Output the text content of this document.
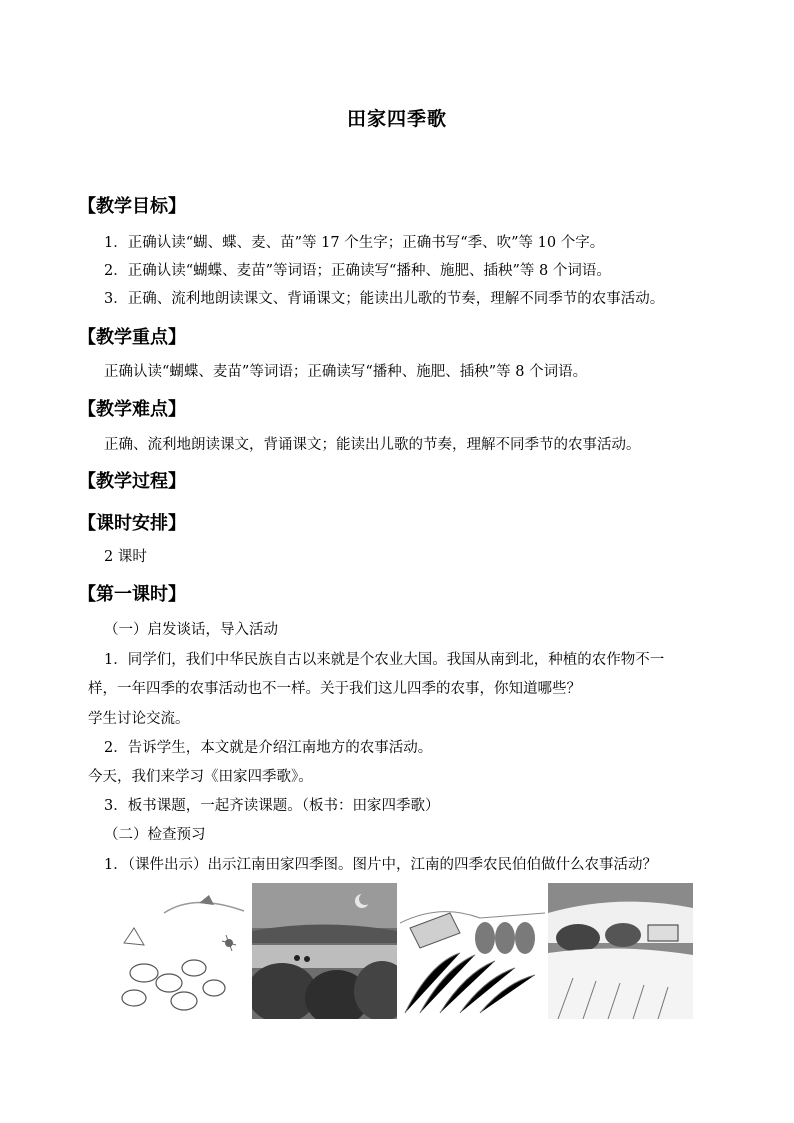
田家四季歌
【教学目标】
1．正确认读“蝴、蝶、麦、苗”等 17 个生字；正确书写“季、吹”等 10 个字。
2．正确认读“蝴蝶、麦苗”等词语；正确读写“播种、施肥、插秧”等 8 个词语。
3．正确、流利地朗读课文、背诵课文；能读出儿歌的节奏，理解不同季节的农事活动。
【教学重点】
正确认读“蝴蝶、麦苗”等词语；正确读写“播种、施肥、插秧”等 8 个词语。
【教学难点】
正确、流利地朗读课文，背诵课文；能读出儿歌的节奏，理解不同季节的农事活动。
【教学过程】
【课时安排】
2 课时
【第一课时】
（一）启发谈话，导入活动
1．同学们，我们中华民族自古以来就是个农业大国。我国从南到北，种植的农作物不一
样，一年四季的农事活动也不一样。关于我们这儿四季的农事，你知道哪些？
学生讨论交流。
2．告诉学生，本文就是介绍江南地方的农事活动。
今天，我们来学习《田家四季歌》。
3．板书课题，一起齐读课题。（板书：田家四季歌）
（二）检查预习
1．（课件出示）出示江南田家四季图。图片中，江南的四季农民伯伯做什么农事活动？
